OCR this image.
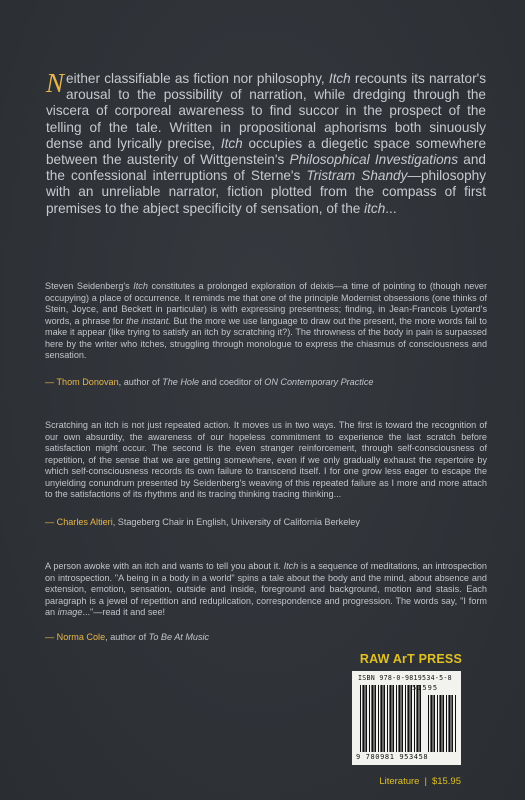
Neither classifiable as fiction nor philosophy, Itch recounts its narrator's arousal to the possibility of narration, while dredging through the viscera of corporeal awareness to find succor in the prospect of the telling of the tale. Written in propositional aphorisms both sinuously dense and lyrically precise, Itch occupies a diegetic space somewhere between the austerity of Wittgenstein's Philosophical Investigations and the confessional interruptions of Sterne's Tristram Shandy—philosophy with an unreliable narrator, fiction plotted from the compass of first premises to the abject specificity of sensation, of the itch...
Steven Seidenberg's Itch constitutes a prolonged exploration of deixis—a time of pointing to (though never occupying) a place of occurrence. It reminds me that one of the principle Modernist obsessions (one thinks of Stein, Joyce, and Beckett in particular) is with expressing presentness; finding, in Jean-Francois Lyotard's words, a phrase for the instant. But the more we use language to draw out the present, the more words fail to make it appear (like trying to satisfy an itch by scratching it?). The throwness of the body in pain is surpassed here by the writer who itches, struggling through monologue to express the chiasmus of consciousness and sensation.
— Thom Donovan, author of The Hole and coeditor of ON Contemporary Practice
Scratching an itch is not just repeated action. It moves us in two ways. The first is toward the recognition of our own absurdity, the awareness of our hopeless commitment to experience the last scratch before satisfaction might occur. The second is the even stranger reinforcement, through self-consciousness of repetition, of the sense that we are getting somewhere, even if we only gradually exhaust the repertoire by which self-consciousness records its own failure to transcend itself. I for one grow less eager to escape the unyielding conundrum presented by Seidenberg's weaving of this repeated failure as I more and more attach to the satisfactions of its rhythms and its tracing thinking tracing thinking...
— Charles Altieri, Stageberg Chair in English, University of California Berkeley
A person awoke with an itch and wants to tell you about it. Itch is a sequence of meditations, an introspection on introspection. "A being in a body in a world" spins a tale about the body and the mind, about absence and extension, emotion, sensation, outside and inside, foreground and background, motion and stasis. Each paragraph is a jewel of repetition and reduplication, correspondence and progression. The words say, "I form an image..."—read it and see!
— Norma Cole, author of To Be At Music
RAW ArT PRESS
ISBN 978-0-9819534-5-8
51595
9 780981 953458
Literature | $15.95
